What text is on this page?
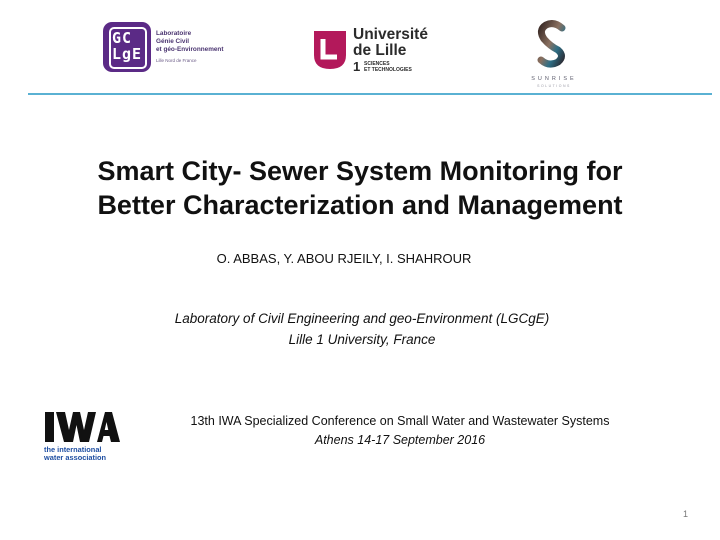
GC
LgE
Laboratoire
Génie Civil
et géo-Environnement
Lille Nord de France
Université
de Lille
1 SCIENCES
ET TECHNOLOGIES
SUNRISE
SOLUTIONS
Smart City- Sewer System Monitoring for
Better Characterization and Management
O. ABBAS, Y. ABOU RJEILY, I. SHAHROUR
Laboratory of Civil Engineering and geo-Environment (LGCgE)
Lille 1 University, France
the international
water association
13th IWA Specialized Conference on Small Water and Wastewater Systems
Athens 14-17 September 2016
1
